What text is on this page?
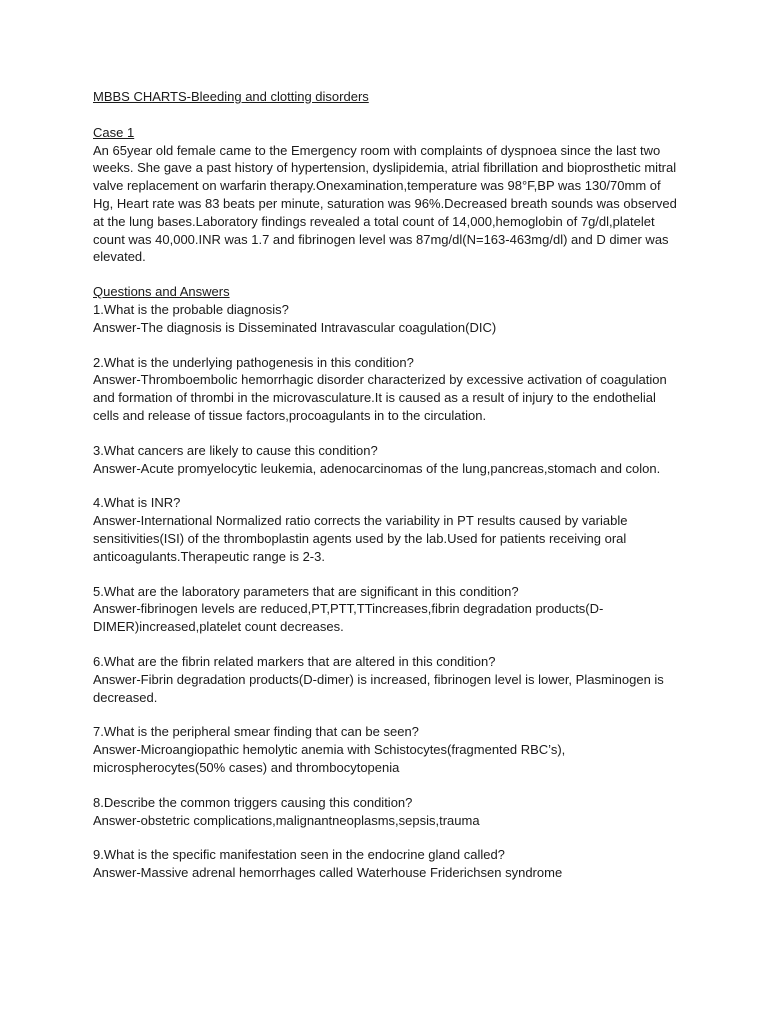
MBBS CHARTS-Bleeding and clotting disorders

Case 1

An 65year old female came to the Emergency room with complaints of dyspnoea since the last two weeks. She gave a past history of hypertension, dyslipidemia, atrial fibrillation and bioprosthetic mitral valve replacement on warfarin therapy.Onexamination,temperature was 98°F,BP was 130/70mm of Hg, Heart rate was 83 beats per minute, saturation was 96%.Decreased breath sounds was observed at the lung bases.Laboratory findings revealed a total count of 14,000,hemoglobin of 7g/dl,platelet count was 40,000.INR was 1.7 and fibrinogen level was 87mg/dl(N=163-463mg/dl) and D dimer was elevated.

Questions and Answers

1.What is the probable diagnosis?

Answer-The diagnosis is Disseminated Intravascular coagulation(DIC)

2.What is the underlying pathogenesis in this condition?

Answer-Thromboembolic hemorrhagic disorder characterized by excessive activation of coagulation and formation of thrombi in the microvasculature.It is caused as a result of injury to the endothelial cells and release of tissue factors,procoagulants in to the circulation.

3.What cancers are likely to cause this condition?

Answer-Acute promyelocytic leukemia, adenocarcinomas of the lung,pancreas,stomach and colon.

4.What is INR?

Answer-International Normalized ratio corrects the variability in PT results caused by variable sensitivities(ISI) of the thromboplastin agents used by the lab.Used for patients receiving oral anticoagulants.Therapeutic range is 2-3.

5.What are the laboratory parameters that are significant in this condition?

Answer-fibrinogen levels are reduced,PT,PTT,TTincreases,fibrin degradation products(D-DIMER)increased,platelet count decreases.

6.What are the fibrin related markers that are altered in this condition?

Answer-Fibrin degradation products(D-dimer) is increased, fibrinogen level is lower, Plasminogen is decreased.

7.What is the peripheral smear finding that can be seen?

Answer-Microangiopathic hemolytic anemia with Schistocytes(fragmented RBC’s), microspherocytes(50% cases) and thrombocytopenia

8.Describe the common triggers causing this condition?

Answer-obstetric complications,malignantneoplasms,sepsis,trauma

9.What is the specific manifestation seen in the endocrine gland called?

Answer-Massive adrenal hemorrhages called Waterhouse Friderichsen syndrome
